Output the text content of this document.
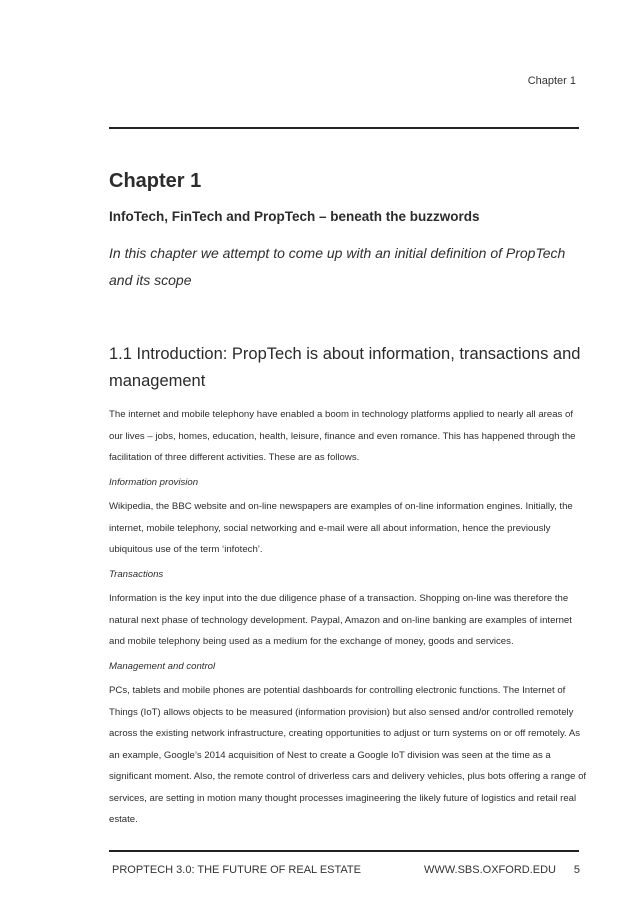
Chapter 1
Chapter 1
InfoTech, FinTech and PropTech – beneath the buzzwords

In this chapter we attempt to come up with an initial definition of PropTech and its scope

1.1 Introduction: PropTech is about information, transactions and management

The internet and mobile telephony have enabled a boom in technology platforms applied to nearly all areas of our lives – jobs, homes, education, health, leisure, finance and even romance. This has happened through the facilitation of three different activities. These are as follows.

Information provision

Wikipedia, the BBC website and on-line newspapers are examples of on-line information engines. Initially, the internet, mobile telephony, social networking and e-mail were all about information, hence the previously ubiquitous use of the term ‘infotech’.

Transactions

Information is the key input into the due diligence phase of a transaction. Shopping on-line was therefore the natural next phase of technology development. Paypal, Amazon and on-line banking are examples of internet and mobile telephony being used as a medium for the exchange of money, goods and services.

Management and control

PCs, tablets and mobile phones are potential dashboards for controlling electronic functions. The Internet of Things (IoT) allows objects to be measured (information provision) but also sensed and/or controlled remotely across the existing network infrastructure, creating opportunities to adjust or turn systems on or off remotely. As an example, Google’s 2014 acquisition of Nest to create a Google IoT division was seen at the time as a significant moment. Also, the remote control of driverless cars and delivery vehicles, plus bots offering a range of services, are setting in motion many thought processes imagineering the likely future of logistics and retail real estate.

PROPTECH 3.0: THE FUTURE OF REAL ESTATE	WWW.SBS.OXFORD.EDU 5
